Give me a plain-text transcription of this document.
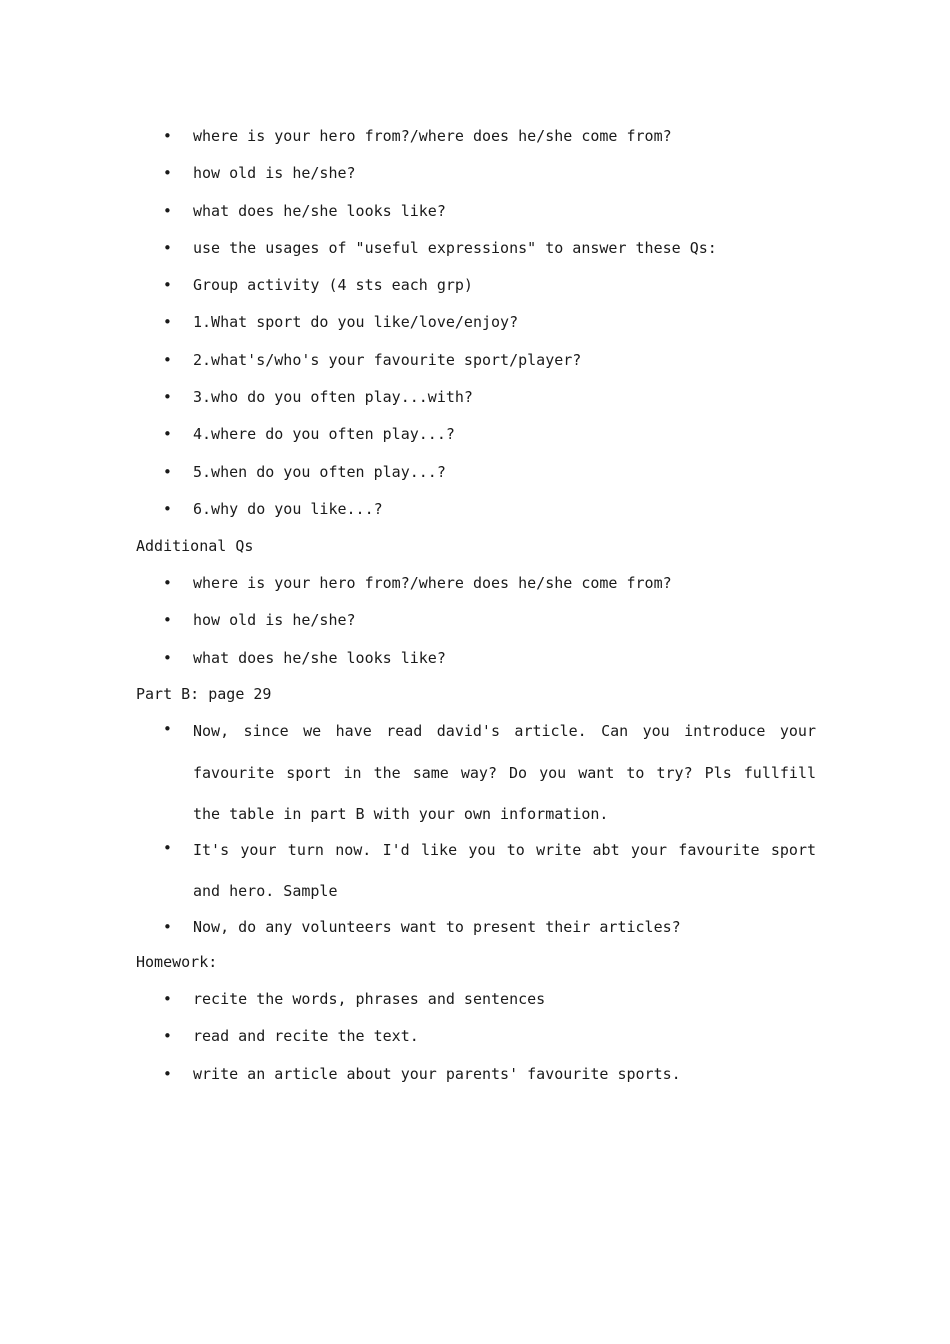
• where is your hero from?/where does he/she come from?
• how old is he/she?
• what does he/she looks like?
• use the usages of "useful expressions" to answer these Qs:
• Group activity (4 sts each grp)
• 1.What sport do you like/love/enjoy?
• 2.what's/who's your favourite sport/player?
• 3.who do you often play...with?
• 4.where do you often play...?
• 5.when do you often play...?
• 6.why do you like...?
Additional Qs
• where is your hero from?/where does he/she come from?
• how old is he/she?
• what does he/she looks like?
Part B: page 29
• Now, since we have read david's article. Can you introduce your favourite sport in the same way? Do you want to try? Pls fullfill the table in part B with your own information.
• It's your turn now. I'd like you to write abt your favourite sport and hero. Sample
• Now, do any volunteers want to present their articles?
Homework:
• recite the words, phrases and sentences
• read and recite the text.
• write an article about your parents' favourite sports.
